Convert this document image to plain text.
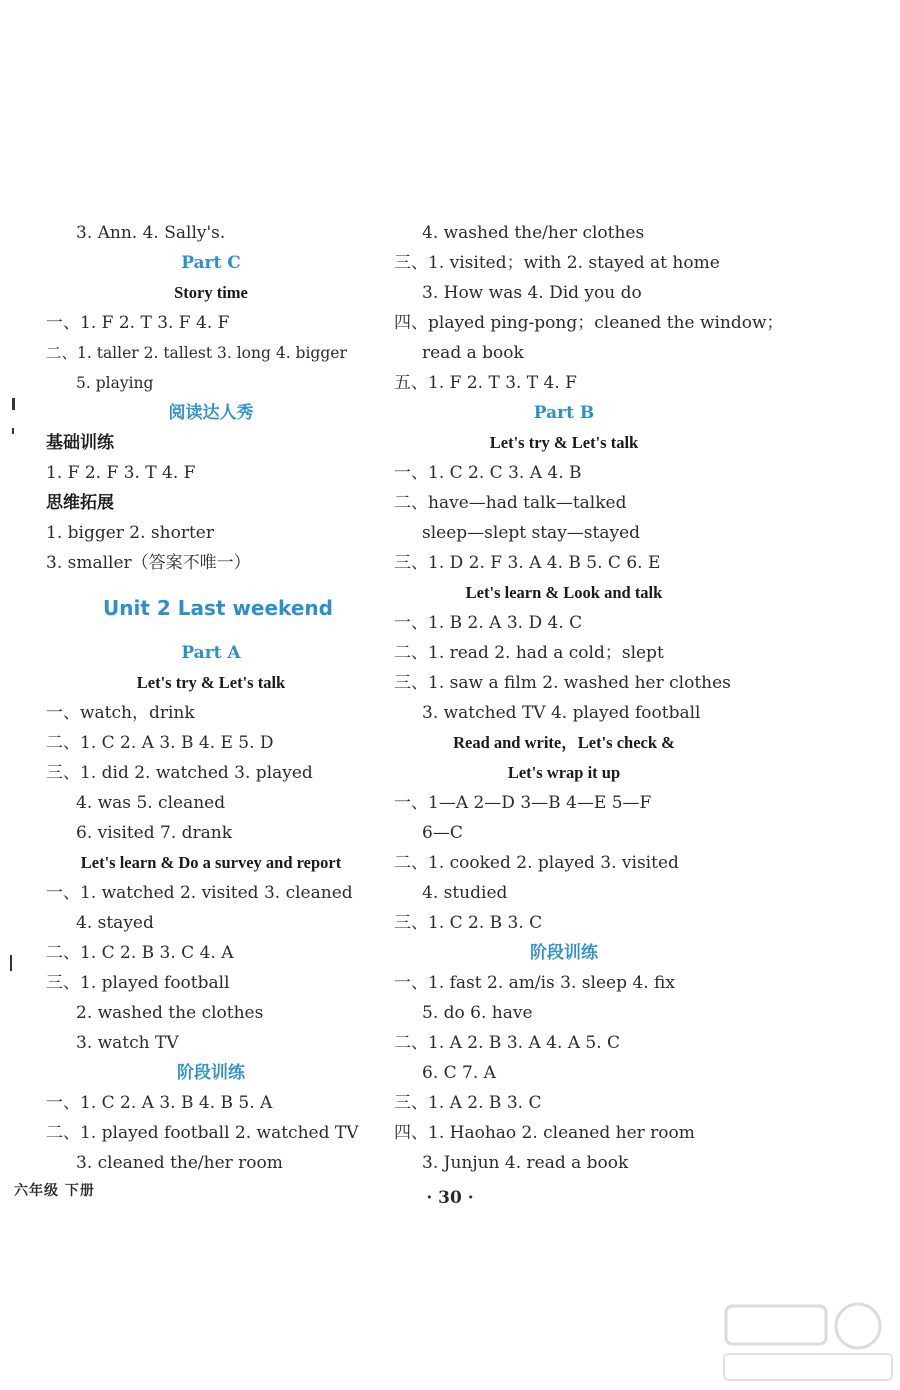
3. Ann. 4. Sally's.
Part C
Story time
一、1. F 2. T 3. F 4. F
二、1. taller 2. tallest 3. long 4. bigger
5. playing
阅读达人秀
基础训练
1. F 2. F 3. T 4. F
思维拓展
1. bigger 2. shorter
3. smaller（答案不唯一）
Unit 2 Last weekend
Part A
Let's try & Let's talk
一、watch，drink
二、1. C 2. A 3. B 4. E 5. D
三、1. did 2. watched 3. played
4. was 5. cleaned
6. visited 7. drank
Let's learn & Do a survey and report
一、1. watched 2. visited 3. cleaned
4. stayed
二、1. C 2. B 3. C 4. A
三、1. played football
2. washed the clothes
3. watch TV
阶段训练
一、1. C 2. A 3. B 4. B 5. A
二、1. played football 2. watched TV
3. cleaned the/her room
4. washed the/her clothes
三、1. visited；with 2. stayed at home
3. How was 4. Did you do
四、played ping-pong；cleaned the window；
read a book
五、1. F 2. T 3. T 4. F
Part B
Let's try & Let's talk
一、1. C 2. C 3. A 4. B
二、have—had talk—talked
sleep—slept stay—stayed
三、1. D 2. F 3. A 4. B 5. C 6. E
Let's learn & Look and talk
一、1. B 2. A 3. D 4. C
二、1. read 2. had a cold；slept
三、1. saw a film 2. washed her clothes
3. watched TV 4. played football
Read and write，Let's check &
Let's wrap it up
一、1—A 2—D 3—B 4—E 5—F
6—C
二、1. cooked 2. played 3. visited
4. studied
三、1. C 2. B 3. C
阶段训练
一、1. fast 2. am/is 3. sleep 4. fix
5. do 6. have
二、1. A 2. B 3. A 4. A 5. C
6. C 7. A
三、1. A 2. B 3. C
四、1. Haohao 2. cleaned her room
3. Junjun 4. read a book
六年级 下册	· 30 ·
